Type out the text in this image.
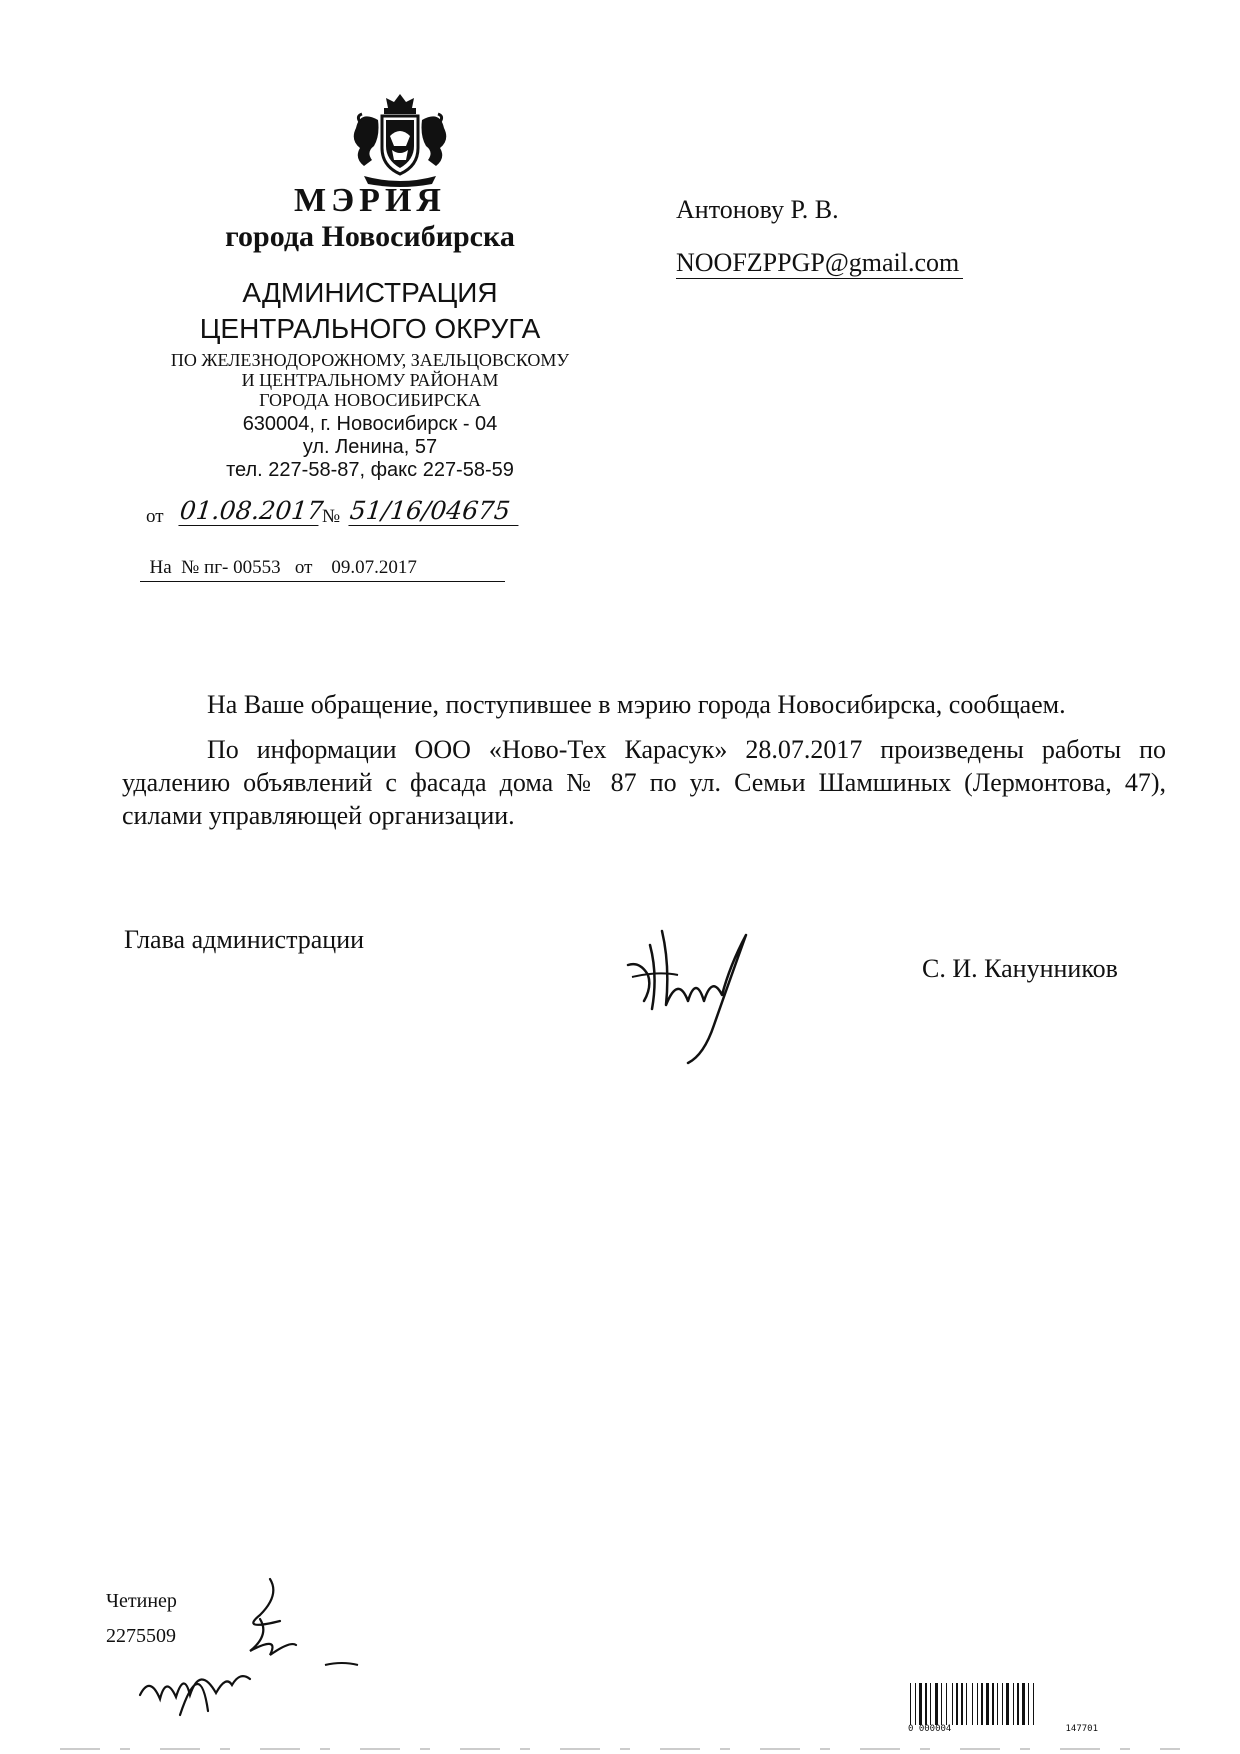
МЭРИЯ
города Новосибирска
АДМИНИСТРАЦИЯ
ЦЕНТРАЛЬНОГО ОКРУГА
ПО ЖЕЛЕЗНОДОРОЖНОМУ, ЗАЕЛЬЦОВСКОМУ
И ЦЕНТРАЛЬНОМУ РАЙОНАМ
ГОРОДА НОВОСИБИРСКА
630004, г. Новосибирск - 04
ул. Ленина, 57
тел. 227-58-87, факс 227-58-59
от 01.08.2017
№ 51/16/04675
На  № пг- 00553   от    09.07.2017
Антонову Р. В.
NOOFZPPGP@gmail.com

На Ваше обращение, поступившее в мэрию города Новосибирска, сообщаем.

По информации ООО «Ново-Тех Карасук» 28.07.2017 произведены работы по удалению объявлений с фасада дома № 87 по ул. Семьи Шамшиных (Лермонтова, 47), силами управляющей организации.

Глава администрации
С. И. Канунников
Четинер
2275509
0 000004	147701
